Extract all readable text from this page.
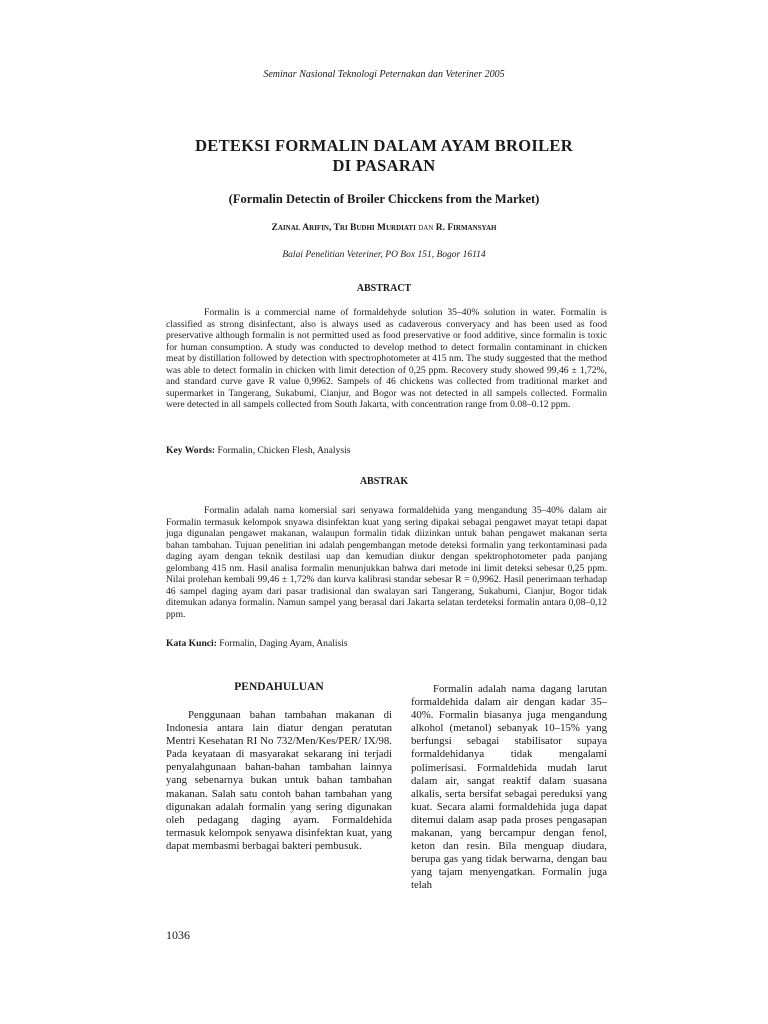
Seminar Nasional Teknologi Peternakan dan Veteriner 2005
DETEKSI FORMALIN DALAM AYAM BROILER
DI PASARAN
(Formalin Detectin of Broiler Chicckens from the Market)
Zainal Arifin, Tri Budhi Murdiati dan R. Firmansyah
Balai Penelitian Veteriner, PO Box 151, Bogor 16114
ABSTRACT

Formalin is a commercial name of formaldehyde solution 35–40% solution in water. Formalin is classified as strong disinfectant, also is always used as cadaverous converyacy and has been used as food preservative although formalin is not permitted used as food preservative or food additive, since formalin is toxic for human consumption. A study was conducted to develop method to detect formalin contaminant in chicken meat by distillation followed by detection with spectrophotometer at 415 nm. The study suggested that the method was able to detect formalin in chicken with limit detection of 0,25 ppm. Recovery study showed 99,46 ± 1,72%, and standard curve gave R value 0,9962. Sampels of 46 chickens was collected from traditional market and supermarket in Tangerang, Sukabumi, Cianjur, and Bogor was not detected in all sampels collected. Formalin were detected in all sampels collected from South Jakarta, with concentration range from 0.08–0.12 ppm.

Key Words: Formalin, Chicken Flesh, Analysis
ABSTRAK

Formalin adalah nama komersial sari senyawa formaldehida yang mengandung 35–40% dalam air Formalin termasuk kelompok snyawa disinfektan kuat yang sering dipakai sebagai pengawet mayat tetapi dapat juga digunalan pengawet makanan, walaupun formalin tidak diizinkan untuk bahan pengawet makanan serta bahan tambahan. Tujuan penelitian ini adalah pengembangan metode deteksi formalin yang terkontaminasi pada daging ayam dengan teknik destilasi uap dan kemudian diukur dengan spektrophotometer pada panjang gelombang 415 nm. Hasil analisa formalin menunjukkan bahwa dari metode ini limit deteksi sebesar 0,25 ppm. Nilai prolehan kembali 99,46 ± 1,72% dan kurva kalibrasi standar sebesar R = 0,9962. Hasil penerimaan terhadap 46 sampel daging ayam dari pasar tradisional dan swalayan sari Tangerang, Sukabumi, Cianjur, Bogor tidak ditemukan adanya formalin. Namun sampel yang berasal dari Jakarta selatan terdeteksi formalin antara 0,08–0,12 ppm.

Kata Kunci: Formalin, Daging Ayam, Analisis
PENDAHULUAN

Penggunaan bahan tambahan makanan di Indonesia antara lain diatur dengan peratutan Mentri Kesehatan RI No 732/Men/Kes/PER/ IX/98. Pada keyataan di masyarakat sekarang ini terjadi penyalahgunaan bahan-bahan tambahan lainnya yang sebenarnya bukan untuk bahan tambahan makanan. Salah satu contoh bahan tambahan yang digunakan adalah formalin yang sering digunakan oleh pedagang daging ayam. Formaldehida termasuk kelompok senyawa disinfektan kuat, yang dapat membasmi berbagai bakteri pembusuk.

Formalin adalah nama dagang larutan formaldehida dalam air dengan kadar 35–40%. Formalin biasanya juga mengandung alkohol (metanol) sebanyak 10–15% yang berfungsi sebagai stabilisator supaya formaldehidanya tidak mengalami polimerisasi. Formaldehida mudah larut dalam air, sangat reaktif dalam suasana alkalis, serta bersifat sebagai pereduksi yang kuat. Secara alami formaldehida juga dapat ditemui dalam asap pada proses pengasapan makanan, yang bercampur dengan fenol, keton dan resin. Bila menguap diudara, berupa gas yang tidak berwarna, dengan bau yang tajam menyengatkan. Formalin juga telah

1036
